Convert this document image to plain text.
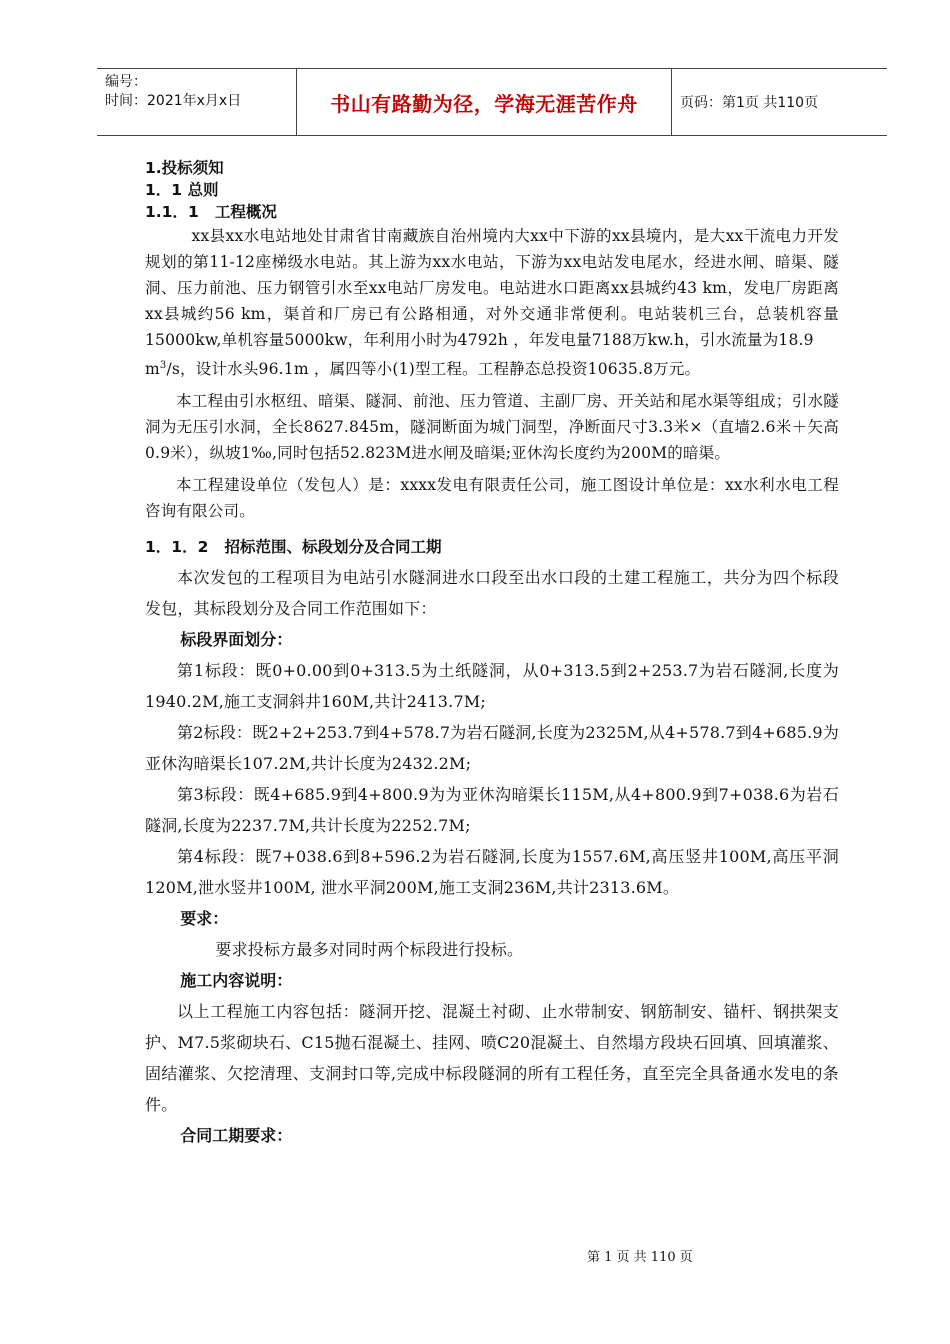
编号：
时间：2021年x月x日	书山有路勤为径，学海无涯苦作舟	页码：第1页 共110页
1.投标须知
1．1 总则
1.1．1   工程概况

xx县xx水电站地处甘肃省甘南藏族自治州境内大xx中下游的xx县境内，是大xx干流电力开发规划的第11-12座梯级水电站。其上游为xx水电站，下游为xx电站发电尾水，经进水闸、暗渠、隧洞、压力前池、压力钢管引水至xx电站厂房发电。电站进水口距离xx县城约43 km，发电厂房距离xx县城约56 km，渠首和厂房已有公路相通，对外交通非常便利。电站装机三台，总装机容量15000kw,单机容量5000kw，年利用小时为4792h ，年发电量7188万kw.h，引水流量为18.9
$m^3/s$，设计水头96.1m ，属四等小(1)型工程。工程静态总投资10635.8万元。

本工程由引水枢纽、暗渠、隧洞、前池、压力管道、主副厂房、开关站和尾水渠等组成；引水隧洞为无压引水洞，全长8627.845m，隧洞断面为城门洞型，净断面尺寸3.3米×（直墙2.6米＋矢高0.9米），纵坡1‰,同时包括52.823M进水闸及暗渠;亚休沟长度约为200M的暗渠。

本工程建设单位（发包人）是：xxxx发电有限责任公司，施工图设计单位是：xx水利水电工程咨询有限公司。

1．1．2   招标范围、标段划分及合同工期

本次发包的工程项目为电站引水隧洞进水口段至出水口段的土建工程施工，共分为四个标段发包，其标段划分及合同工作范围如下：

标段界面划分：

第1标段：既0+0.00到0+313.5为土纸隧洞，从0+313.5到2+253.7为岩石隧洞,长度为1940.2M,施工支洞斜井160M,共计2413.7M;

第2标段：既2+2+253.7到4+578.7为岩石隧洞,长度为2325M,从4+578.7到4+685.9为亚休沟暗渠长107.2M,共计长度为2432.2M;

第3标段：既4+685.9到4+800.9为为亚休沟暗渠长115M,从4+800.9到7+038.6为岩石隧洞,长度为2237.7M,共计长度为2252.7M;

第4标段：既7+038.6到8+596.2为岩石隧洞,长度为1557.6M,高压竖井100M,高压平洞120M,泄水竖井100M, 泄水平洞200M,施工支洞236M,共计2313.6M。

要求：

要求投标方最多对同时两个标段进行投标。

施工内容说明：

以上工程施工内容包括：隧洞开挖、混凝土衬砌、止水带制安、钢筋制安、锚杆、钢拱架支护、M7.5浆砌块石、C15抛石混凝土、挂网、喷C20混凝土、自然塌方段块石回填、回填灌浆、固结灌浆、欠挖清理、支洞封口等,完成中标段隧洞的所有工程任务，直至完全具备通水发电的条件。

合同工期要求：

第 1 页 共 110 页
